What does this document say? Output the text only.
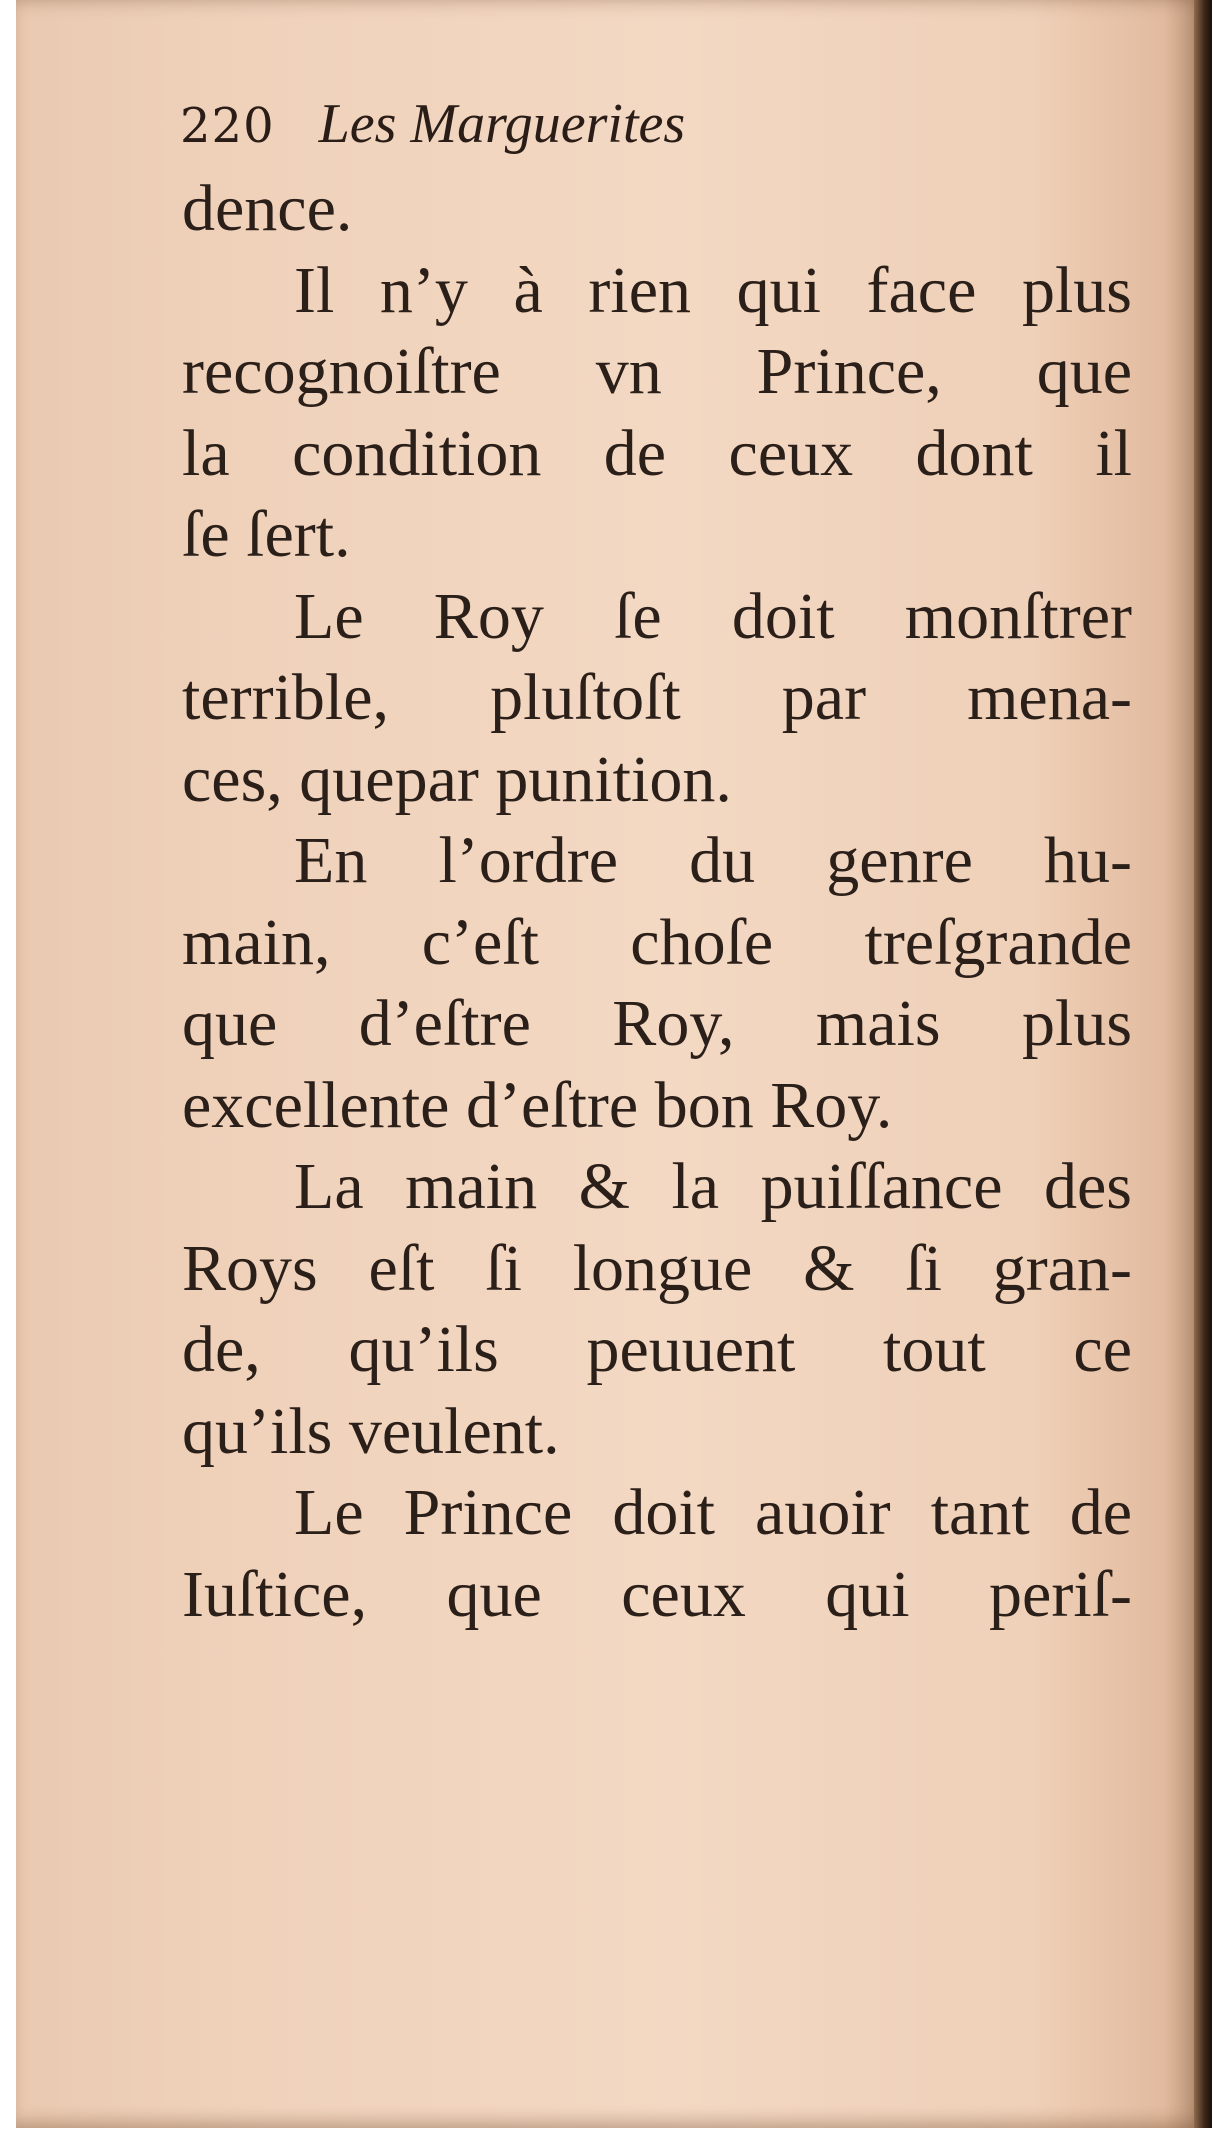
220 Les Marguerites
dence.
Il n’y à rien qui face plus
recognoiſtre vn Prince, que
la condition de ceux dont il
ſe ſert.
Le Roy ſe doit monſtrer
terrible, pluſtoſt par mena-
ces, quepar punition.
En l’ordre du genre hu-
main, c’eſt choſe treſgrande
que d’eſtre Roy, mais plus
excellente d’eſtre bon Roy.
La main & la puiſſance des
Roys eſt ſi longue & ſi gran-
de, qu’ils peuuent tout ce
qu’ils veulent.
Le Prince doit auoir tant de
Iuſtice, que ceux qui periſ-
